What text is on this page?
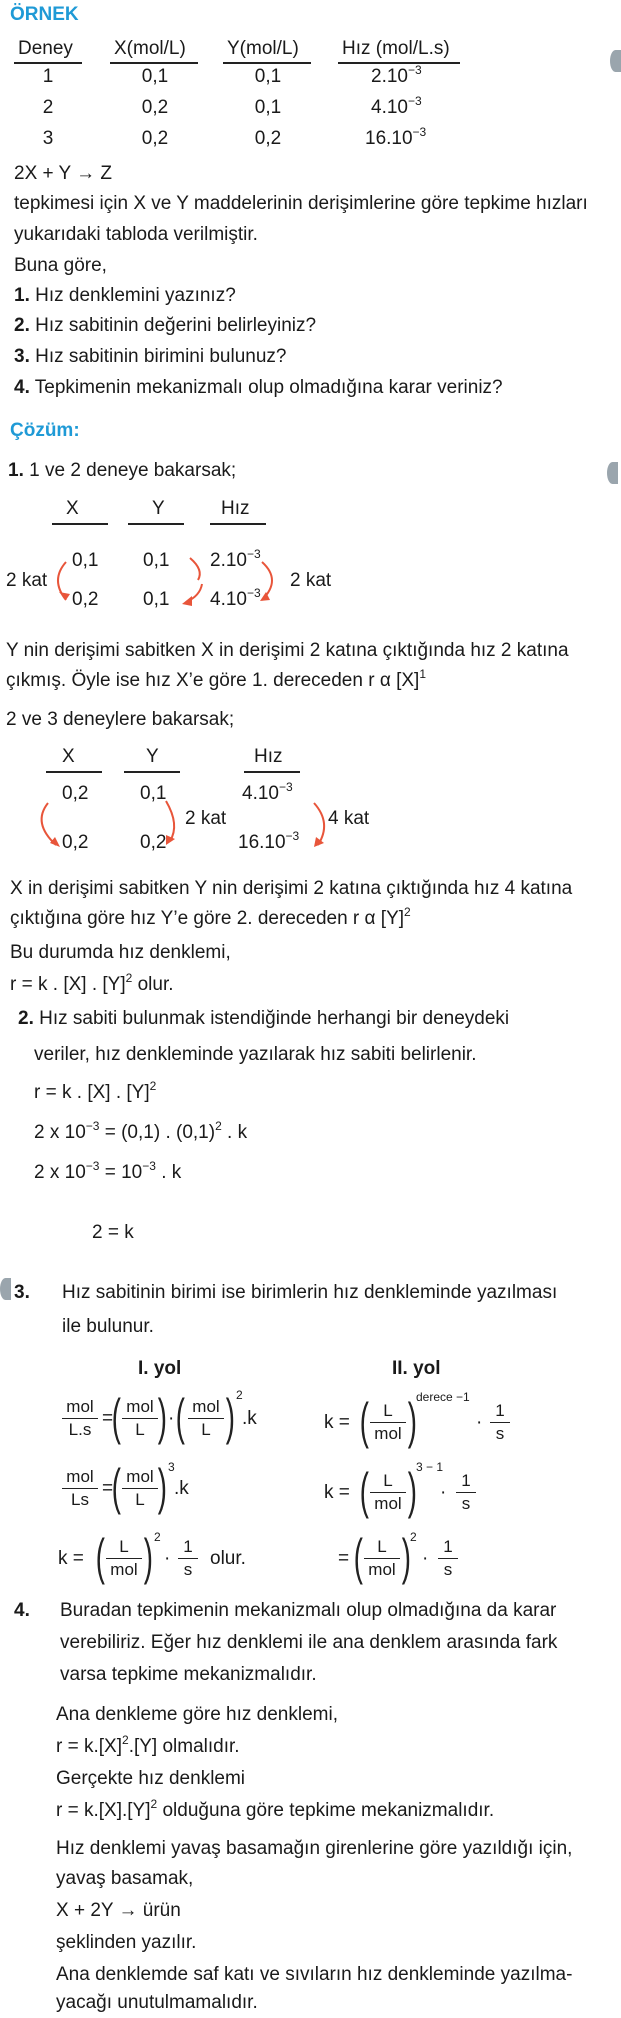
ÖRNEK
Deney X(mol/L) Y(mol/L) Hız (mol/L.s)
1	0,1	0,1	$2.10^{-3}$
2	0,2	0,1	$4.10^{-3}$
3	0,2	0,2	$16.10^{-3}$
2X + Y → Z
tepkimesi için X ve Y maddelerinin derişimlerine göre tepkime hızları
yukarıdaki tabloda verilmiştir.
Buna göre,
1. Hız denklemini yazınız?
2. Hız sabitinin değerini belirleyiniz?
3. Hız sabitinin birimini bulunuz?
4. Tepkimenin mekanizmalı olup olmadığına karar veriniz?
Çözüm:
1. 1 ve 2 deneye bakarsak;
X	Y	Hız
0,1 0,1 $2.10^{-3}$
0,2 0,1 $4.10^{-3}$
2 kat	2 kat
Y nin derişimi sabitken X in derişimi 2 katına çıktığında hız 2 katına
çıkmış. Öyle ise hız X’e göre 1. dereceden r α $[X]^1$
2 ve 3 deneylere bakarsak;
X	Y	Hız
0,2	0,1	$4.10^{-3}$
0,2	0,2	$16.10^{-3}$
2 kat	4 kat
X in derişimi sabitken Y nin derişimi 2 katına çıktığında hız 4 katına
çıktığına göre hız Y’e göre 2. dereceden r α $[Y]^2$
Bu durumda hız denklemi,
r = k . [X] . $[Y]^2$ olur.
2. Hız sabiti bulunmak istendiğinde herhangi bir deneydeki
veriler, hız denkleminde yazılarak hız sabiti belirlenir.
r = k . [X] . $[Y]^2$
2 x $10^{-3} = (0,1)$ . $(0,1)^2$ . k
2 x $10^{-3} = 10^{-3}$ . k
2 = k
3. Hız sabitinin birimi ise birimlerin hız denkleminde yazılması
ile bulunur.
I. yol	II. yol
mol
L.s
=
( mol
L ) · ( mol
L ) 2
.k
mol
Ls
=
( mol
L ) 3
.k
k = ( L
mol ) 2
·
1
s
olur.
k = ( L
mol ) derece −1
·
1
s
k = ( L
mol ) 3 − 1
·
1
s
= ( L
mol ) 2
·
1
s
4. Buradan tepkimenin mekanizmalı olup olmadığına da karar
verebiliriz. Eğer hız denklemi ile ana denklem arasında fark
varsa tepkime mekanizmalıdır.
Ana denkleme göre hız denklemi,
$r = k.[X]^2.[Y]$ olmalıdır.
Gerçekte hız denklemi
$r = k.[X].[Y]^2$ olduğuna göre tepkime mekanizmalıdır.
Hız denklemi yavaş basamağın girenlerine göre yazıldığı için,
yavaş basamak,
X + 2Y → ürün
şeklinden yazılır.
Ana denklemde saf katı ve sıvıların hız denkleminde yazılma-
yacağı unutulmamalıdır.
